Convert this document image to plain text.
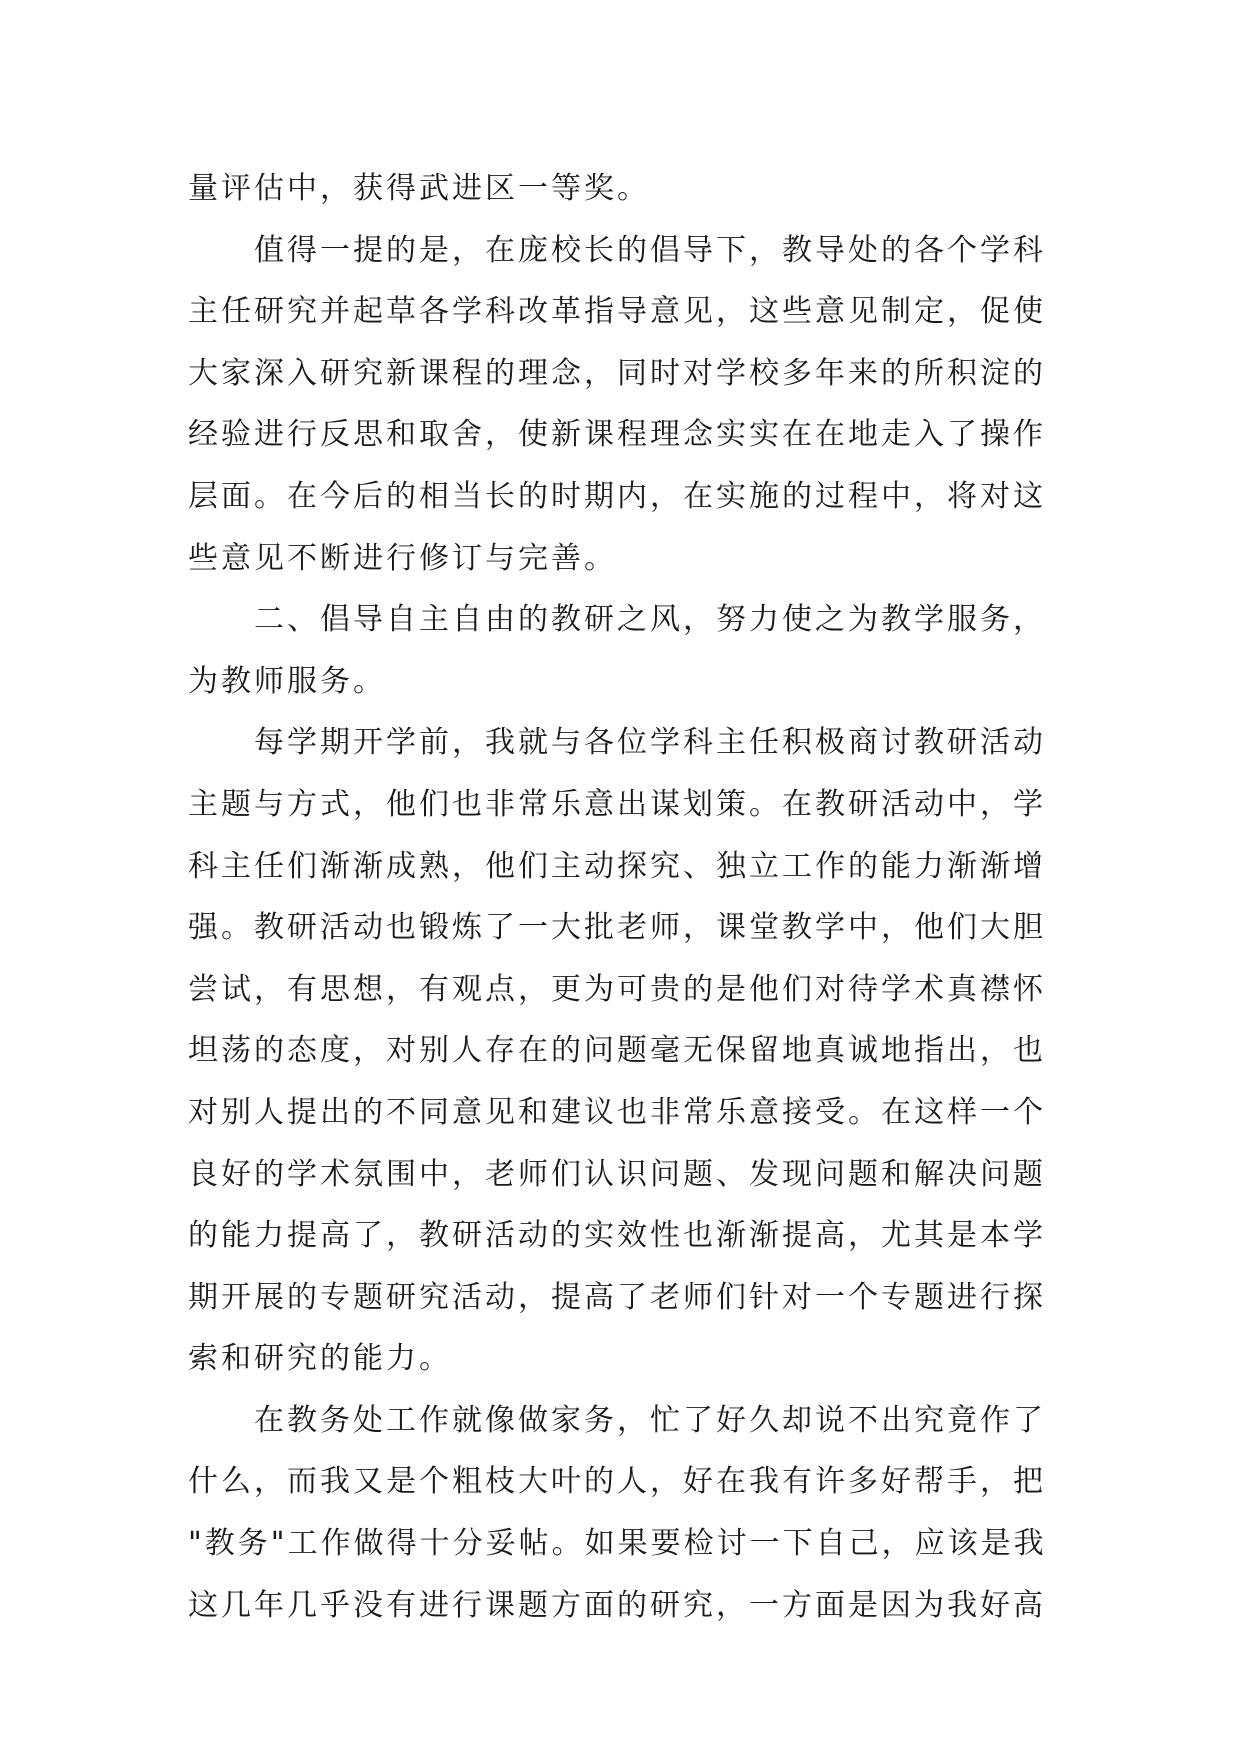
量评估中，获得武进区一等奖。
值得一提的是，在庞校长的倡导下，教导处的各个学科
主任研究并起草各学科改革指导意见，这些意见制定，促使
大家深入研究新课程的理念，同时对学校多年来的所积淀的
经验进行反思和取舍，使新课程理念实实在在地走入了操作
层面。在今后的相当长的时期内，在实施的过程中，将对这
些意见不断进行修订与完善。
二、倡导自主自由的教研之风，努力使之为教学服务，
为教师服务。
每学期开学前，我就与各位学科主任积极商讨教研活动
主题与方式，他们也非常乐意出谋划策。在教研活动中，学
科主任们渐渐成熟，他们主动探究、独立工作的能力渐渐增
强。教研活动也锻炼了一大批老师，课堂教学中，他们大胆
尝试，有思想，有观点，更为可贵的是他们对待学术真襟怀
坦荡的态度，对别人存在的问题毫无保留地真诚地指出，也
对别人提出的不同意见和建议也非常乐意接受。在这样一个
良好的学术氛围中，老师们认识问题、发现问题和解决问题
的能力提高了，教研活动的实效性也渐渐提高，尤其是本学
期开展的专题研究活动，提高了老师们针对一个专题进行探
索和研究的能力。
在教务处工作就像做家务，忙了好久却说不出究竟作了
什么，而我又是个粗枝大叶的人，好在我有许多好帮手，把
"教务"工作做得十分妥帖。如果要检讨一下自己，应该是我
这几年几乎没有进行课题方面的研究，一方面是因为我好高
